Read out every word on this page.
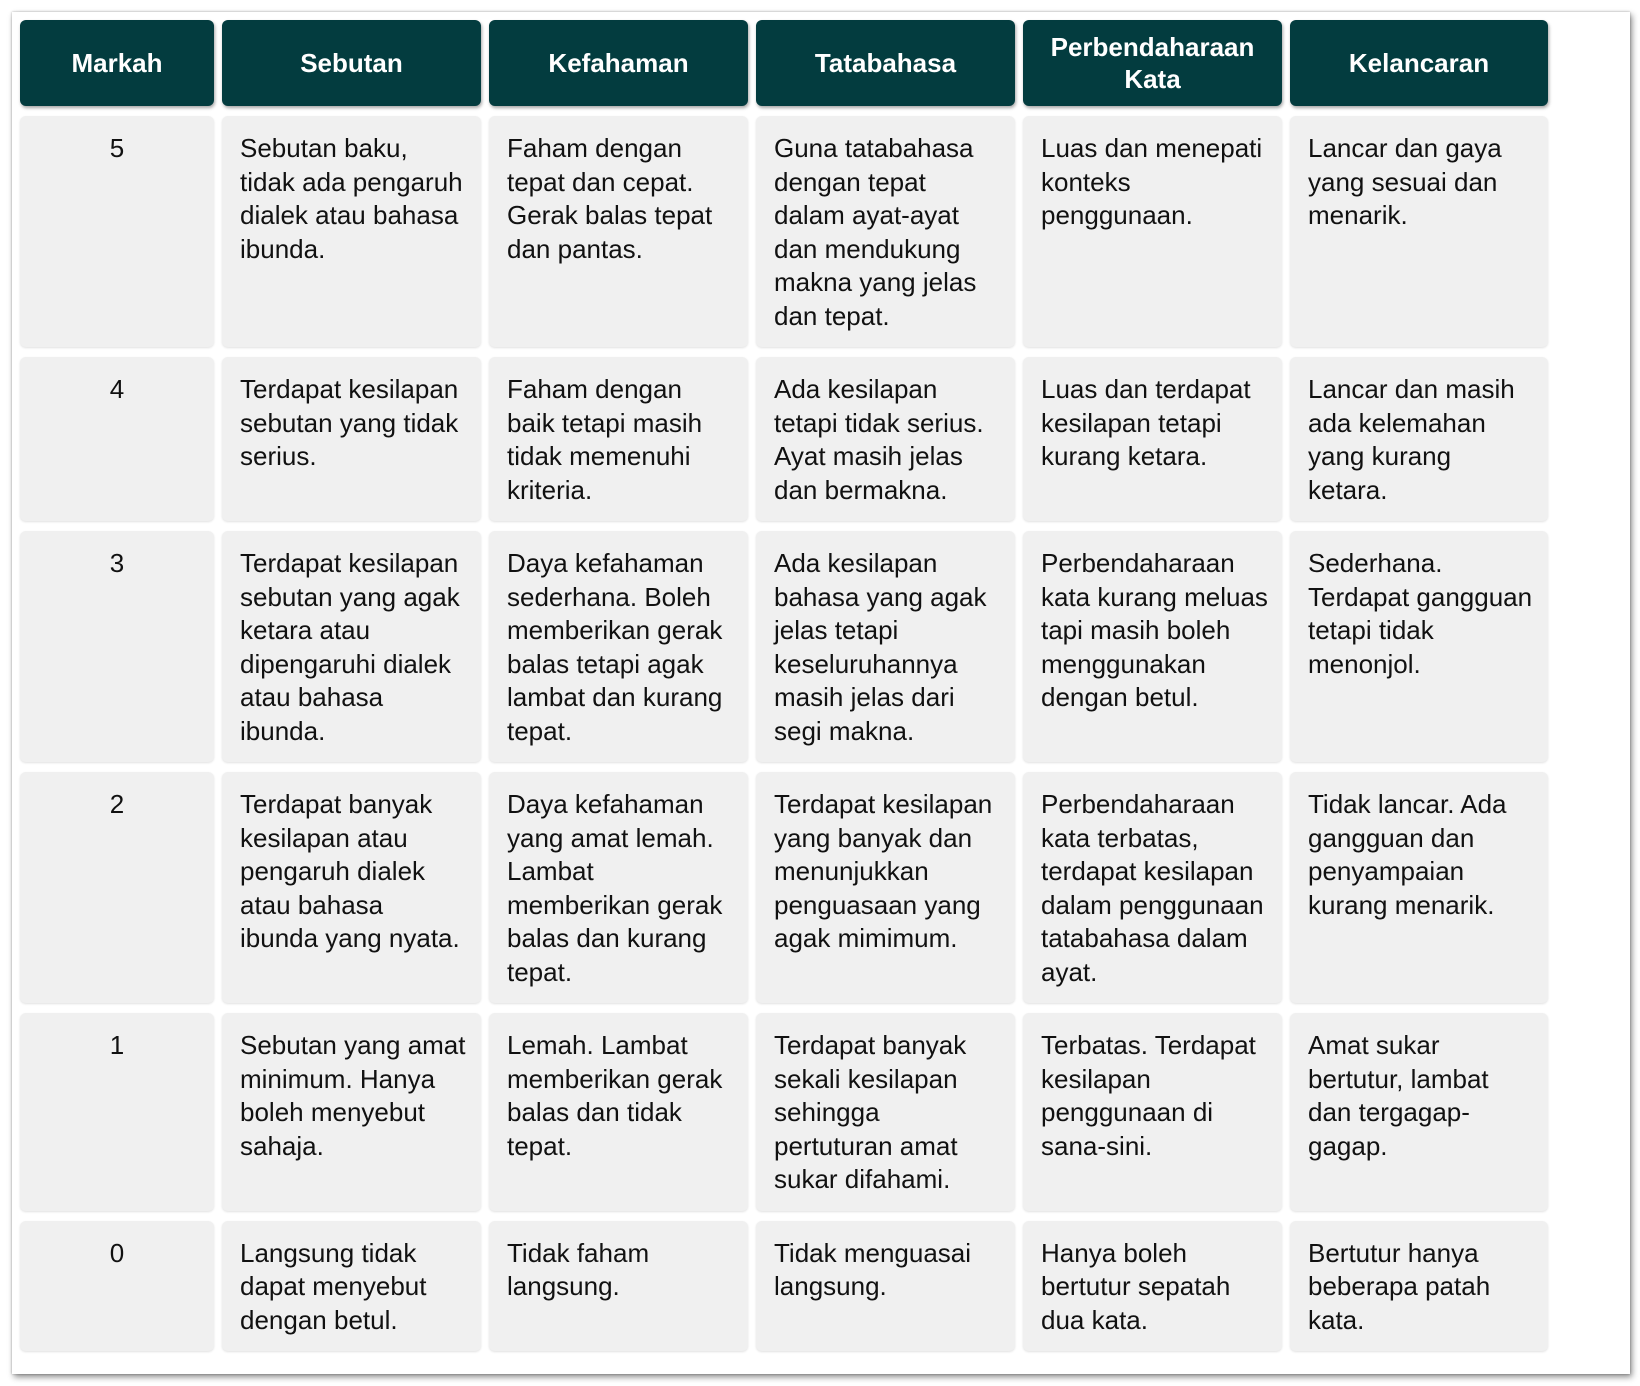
Markah	Sebutan	Kefahaman	Tatabahasa	Perbendaharaan Kata	Kelancaran
5	Sebutan baku, tidak ada pengaruh dialek atau bahasa ibunda.	Faham dengan tepat dan cepat. Gerak balas tepat dan pantas.	Guna tatabahasa dengan tepat dalam ayat-ayat dan mendukung makna yang jelas dan tepat.	Luas dan menepati konteks penggunaan.	Lancar dan gaya yang sesuai dan menarik.
4	Terdapat kesilapan sebutan yang tidak serius.	Faham dengan baik tetapi masih tidak memenuhi kriteria.	Ada kesilapan tetapi tidak serius. Ayat masih jelas dan bermakna.	Luas dan terdapat kesilapan tetapi kurang ketara.	Lancar dan masih ada kelemahan yang kurang ketara.
3	Terdapat kesilapan sebutan yang agak ketara atau dipengaruhi dialek atau bahasa ibunda.	Daya kefahaman sederhana. Boleh memberikan gerak balas tetapi agak lambat dan kurang tepat.	Ada kesilapan bahasa yang agak jelas tetapi keseluruhannya masih jelas dari segi makna.	Perbendaharaan kata kurang meluas tapi masih boleh menggunakan dengan betul.	Sederhana. Terdapat gangguan tetapi tidak menonjol.
2	Terdapat banyak kesilapan atau pengaruh dialek atau bahasa ibunda yang nyata.	Daya kefahaman yang amat lemah. Lambat memberikan gerak balas dan kurang tepat.	Terdapat kesilapan yang banyak dan menunjukkan penguasaan yang agak mimimum.	Perbendaharaan kata terbatas, terdapat kesilapan dalam penggunaan tatabahasa dalam ayat.	Tidak lancar. Ada gangguan dan penyampaian kurang menarik.
1	Sebutan yang amat minimum. Hanya boleh menyebut sahaja.	Lemah. Lambat memberikan gerak balas dan tidak tepat.	Terdapat banyak sekali kesilapan sehingga pertuturan amat sukar difahami.	Terbatas. Terdapat kesilapan penggunaan di sana-sini.	Amat sukar bertutur, lambat dan tergagap-gagap.
0	Langsung tidak dapat menyebut dengan betul.	Tidak faham langsung.	Tidak menguasai langsung.	Hanya boleh bertutur sepatah dua kata.	Bertutur hanya beberapa patah kata.
